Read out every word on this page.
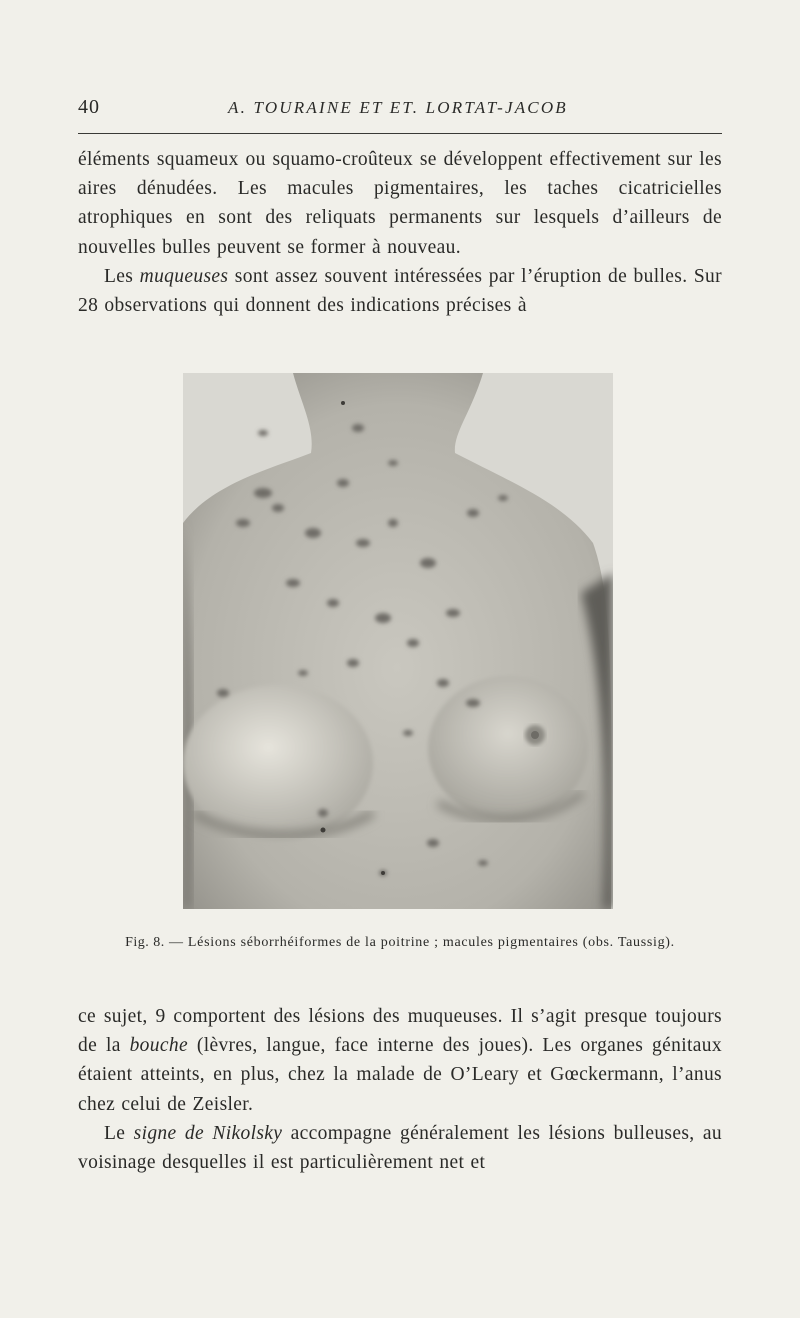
40	A. TOURAINE ET ET. LORTAT-JACOB

éléments squameux ou squamo-croûteux se développent effectivement sur les aires dénudées. Les macules pigmentaires, les taches cicatricielles atrophiques en sont des reliquats permanents sur lesquels d’ailleurs de nouvelles bulles peuvent se former à nouveau.

Les muqueuses sont assez souvent intéressées par l’éruption de bulles. Sur 28 observations qui donnent des indications précises à

Fig. 8. — Lésions séborrhéiformes de la poitrine ; macules pigmentaires (obs. Taussig).

ce sujet, 9 comportent des lésions des muqueuses. Il s’agit presque toujours de la bouche (lèvres, langue, face interne des joues). Les organes génitaux étaient atteints, en plus, chez la malade de O’Leary et Gœckermann, l’anus chez celui de Zeisler.

Le signe de Nikolsky accompagne généralement les lésions bulleuses, au voisinage desquelles il est particulièrement net et
